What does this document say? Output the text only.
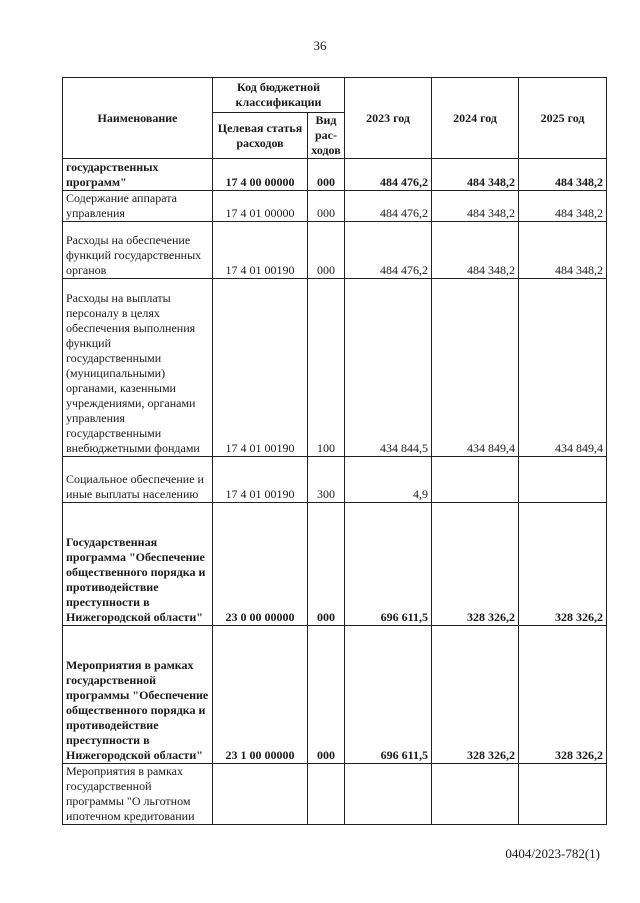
36
Наименование	Код бюджетной классификации		2023 год	2024 год	2025 год
	Целевая статья расходов	Вид рас- ходов			
государственных программ"	17 4 00 00000	000	484 476,2	484 348,2	484 348,2
Содержание аппарата управления	17 4 01 00000	000	484 476,2	484 348,2	484 348,2
Расходы на обеспечение функций государственных органов	17 4 01 00190	000	484 476,2	484 348,2	484 348,2
Расходы на выплаты персоналу в целях обеспечения выполнения функций государственными (муниципальными) органами, казенными учреждениями, органами управления государственными внебюджетными фондами	17 4 01 00190	100	434 844,5	434 849,4	434 849,4
Социальное обеспечение и иные выплаты населению	17 4 01 00190	300	4,9		
Государственная программа "Обеспечение общественного порядка и противодействие преступности в Нижегородской области"	23 0 00 00000	000	696 611,5	328 326,2	328 326,2
Мероприятия в рамках государственной программы "Обеспечение общественного порядка и противодействие преступности в Нижегородской области"	23 1 00 00000	000	696 611,5	328 326,2	328 326,2
Мероприятия в рамках государственной программы "О льготном ипотечном кредитовании					
0404/2023-782(1)
